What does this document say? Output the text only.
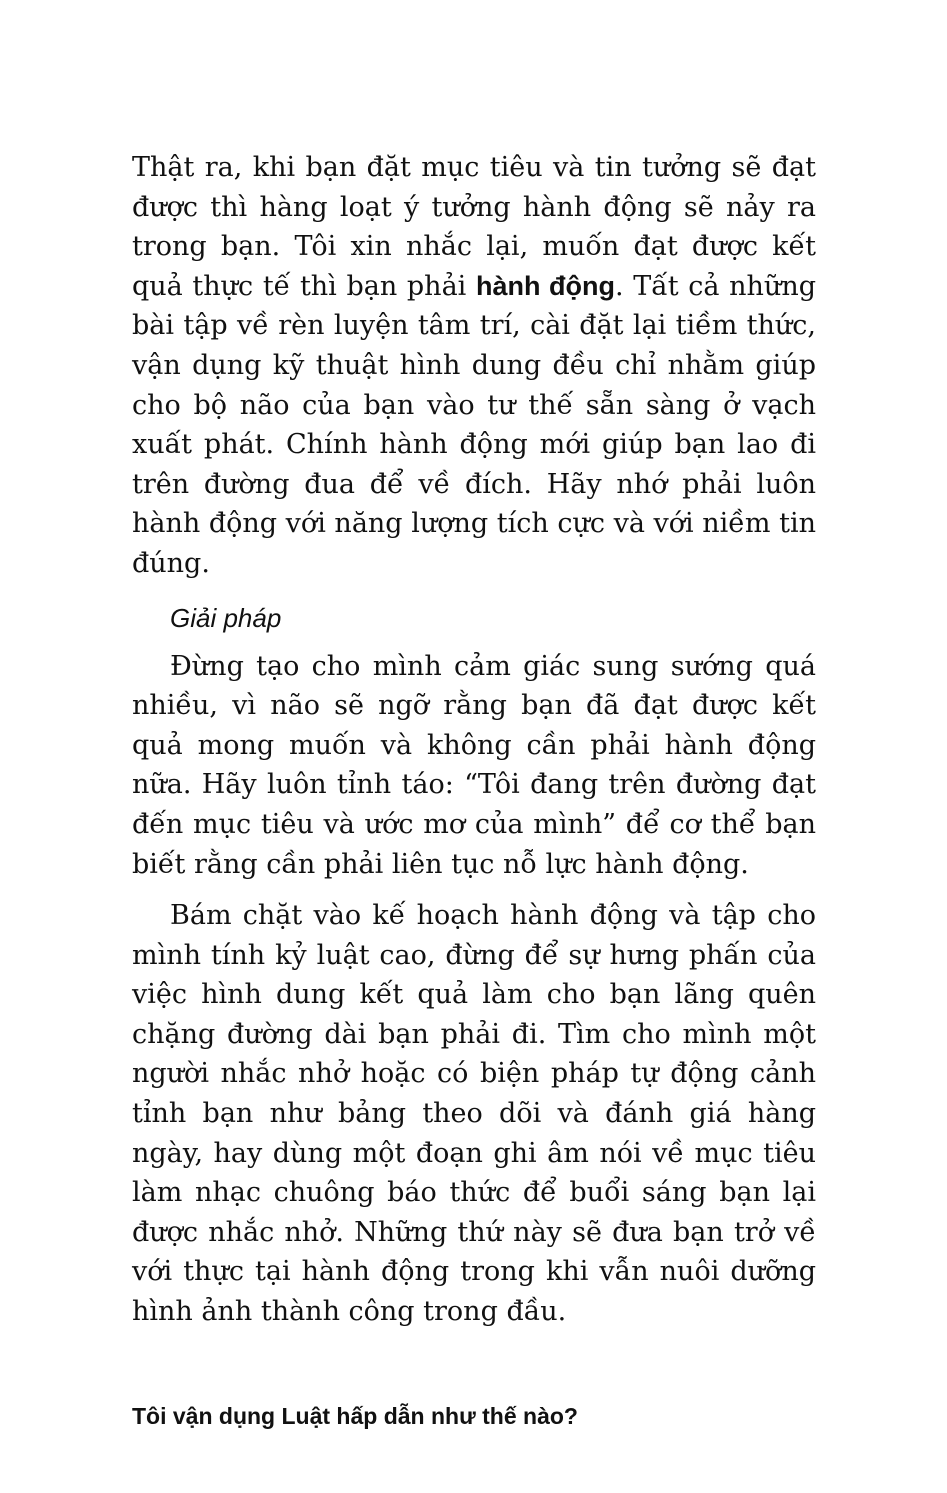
Thật ra, khi bạn đặt mục tiêu và tin tưởng sẽ đạt được thì hàng loạt ý tưởng hành động sẽ nảy ra trong bạn. Tôi xin nhắc lại, muốn đạt được kết quả thực tế thì bạn phải hành động. Tất cả những bài tập về rèn luyện tâm trí, cài đặt lại tiềm thức, vận dụng kỹ thuật hình dung đều chỉ nhằm giúp cho bộ não của bạn vào tư thế sẵn sàng ở vạch xuất phát. Chính hành động mới giúp bạn lao đi trên đường đua để về đích. Hãy nhớ phải luôn hành động với năng lượng tích cực và với niềm tin đúng.

Giải pháp

Đừng tạo cho mình cảm giác sung sướng quá nhiều, vì não sẽ ngỡ rằng bạn đã đạt được kết quả mong muốn và không cần phải hành động nữa. Hãy luôn tỉnh táo: “Tôi đang trên đường đạt đến mục tiêu và ước mơ của mình” để cơ thể bạn biết rằng cần phải liên tục nỗ lực hành động.

Bám chặt vào kế hoạch hành động và tập cho mình tính kỷ luật cao, đừng để sự hưng phấn của việc hình dung kết quả làm cho bạn lãng quên chặng đường dài bạn phải đi. Tìm cho mình một người nhắc nhở hoặc có biện pháp tự động cảnh tỉnh bạn như bảng theo dõi và đánh giá hàng ngày, hay dùng một đoạn ghi âm nói về mục tiêu làm nhạc chuông báo thức để buổi sáng bạn lại được nhắc nhở. Những thứ này sẽ đưa bạn trở về với thực tại hành động trong khi vẫn nuôi dưỡng hình ảnh thành công trong đầu.

Tôi vận dụng Luật hấp dẫn như thế nào?
